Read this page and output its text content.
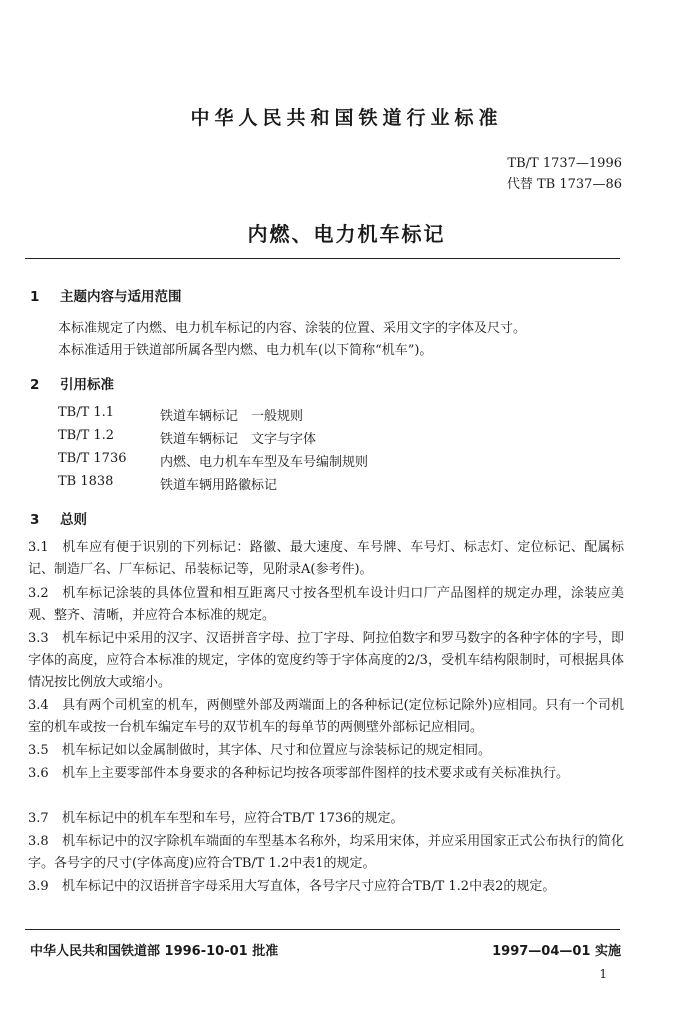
中华人民共和国铁道行业标准
TB/T 1737—1996
代替 TB 1737—86
内燃、电力机车标记
1 主题内容与适用范围
本标准规定了内燃、电力机车标记的内容、涂装的位置、采用文字的字体及尺寸。
本标准适用于铁道部所属各型内燃、电力机车(以下简称“机车”)。
2 引用标准
TB/T 1.1	铁道车辆标记　一般规则
TB/T 1.2	铁道车辆标记　文字与字体
TB/T 1736	内燃、电力机车车型及车号编制规则
TB 1838	铁道车辆用路徽标记
3 总则
3.1 机车应有便于识别的下列标记：路徽、最大速度、车号牌、车号灯、标志灯、定位标记、配属标记、制造厂名、厂车标记、吊装标记等，见附录A(参考件)。
3.2 机车标记涂装的具体位置和相互距离尺寸按各型机车设计归口厂产品图样的规定办理，涂装应美观、整齐、清晰，并应符合本标准的规定。
3.3 机车标记中采用的汉字、汉语拼音字母、拉丁字母、阿拉伯数字和罗马数字的各种字体的字号，即字体的高度，应符合本标准的规定，字体的宽度约等于字体高度的2/3，受机车结构限制时，可根据具体情况按比例放大或缩小。
3.4 具有两个司机室的机车，两侧壁外部及两端面上的各种标记(定位标记除外)应相同。只有一个司机室的机车或按一台机车编定车号的双节机车的每单节的两侧壁外部标记应相同。
3.5 机车标记如以金属制做时，其字体、尺寸和位置应与涂装标记的规定相同。
3.6 机车上主要零部件本身要求的各种标记均按各项零部件图样的技术要求或有关标准执行。
3.7 机车标记中的机车车型和车号，应符合TB/T 1736的规定。
3.8 机车标记中的汉字除机车端面的车型基本名称外，均采用宋体，并应采用国家正式公布执行的简化字。各号字的尺寸(字体高度)应符合TB/T 1.2中表1的规定。
3.9 机车标记中的汉语拼音字母采用大写直体，各号字尺寸应符合TB/T 1.2中表2的规定。
中华人民共和国铁道部 1996-10-01 批准	1997—04—01 实施
1
